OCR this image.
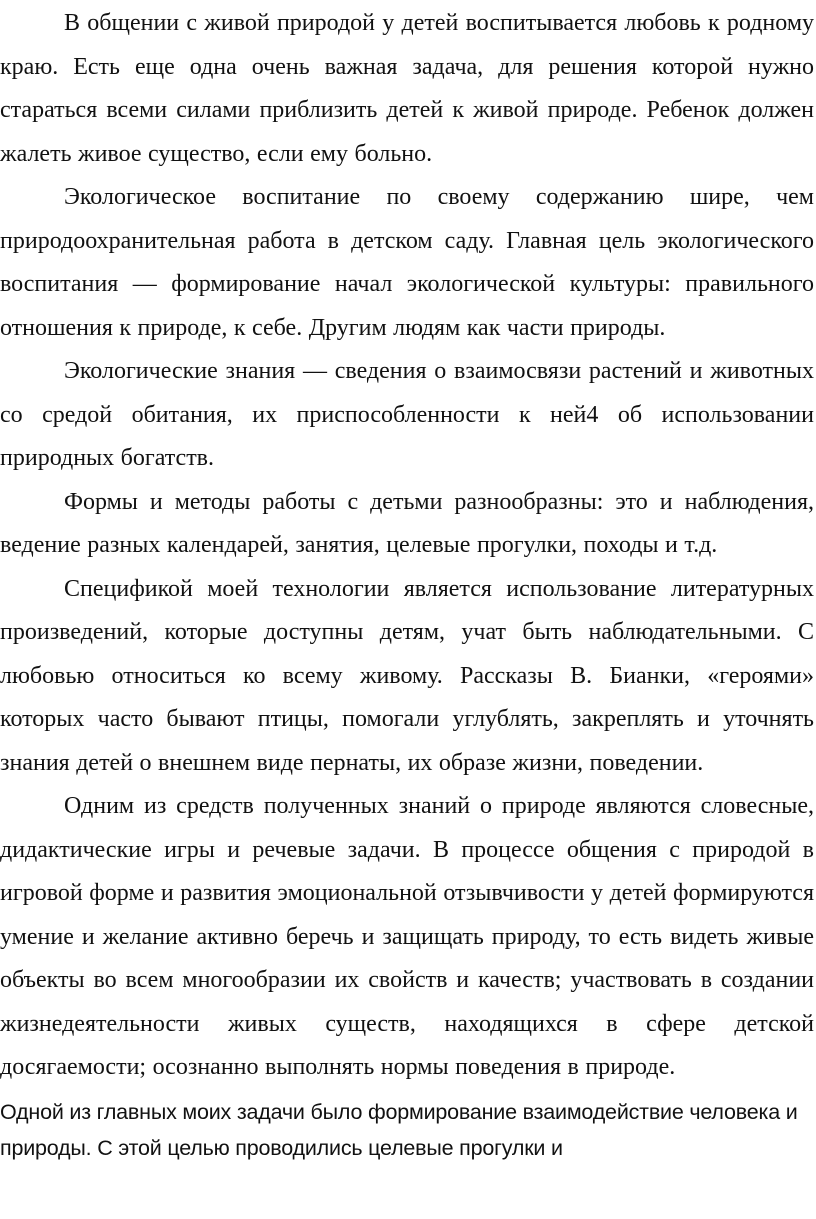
В общении с живой природой у детей воспитывается любовь к родному краю. Есть еще одна очень важная задача, для решения которой нужно стараться всеми силами приблизить детей к живой природе. Ребенок должен жалеть живое существо, если ему больно.

Экологическое воспитание по своему содержанию шире, чем природоохранительная работа в детском саду. Главная цель экологического воспитания — формирование начал экологической культуры: правильного отношения к природе, к себе. Другим людям как части природы.

Экологические знания — сведения о взаимосвязи растений и животных со средой обитания, их приспособленности к ней4 об использовании природных богатств.

Формы и методы работы с детьми разнообразны: это и наблюдения, ведение разных календарей, занятия, целевые прогулки, походы и т.д.

Спецификой моей технологии является использование литературных произведений, которые доступны детям, учат быть наблюдательными. С любовью относиться ко всему живому. Рассказы В. Бианки, «героями» которых часто бывают птицы, помогали углублять, закреплять и уточнять знания детей о внешнем виде пернаты, их образе жизни, поведении.

Одним из средств полученных знаний о природе являются словесные, дидактические игры и речевые задачи. В процессе общения с природой в игровой форме и развития эмоциональной отзывчивости у детей формируются умение и желание активно беречь и защищать природу, то есть видеть живые объекты во всем многообразии их свойств и качеств; участвовать в создании жизнедеятельности живых существ, находящихся в сфере детской досягаемости; осознанно выполнять нормы поведения в природе.

Одной из главных моих задачи было формирование взаимодействие человека и природы. С этой целью проводились целевые прогулки и
